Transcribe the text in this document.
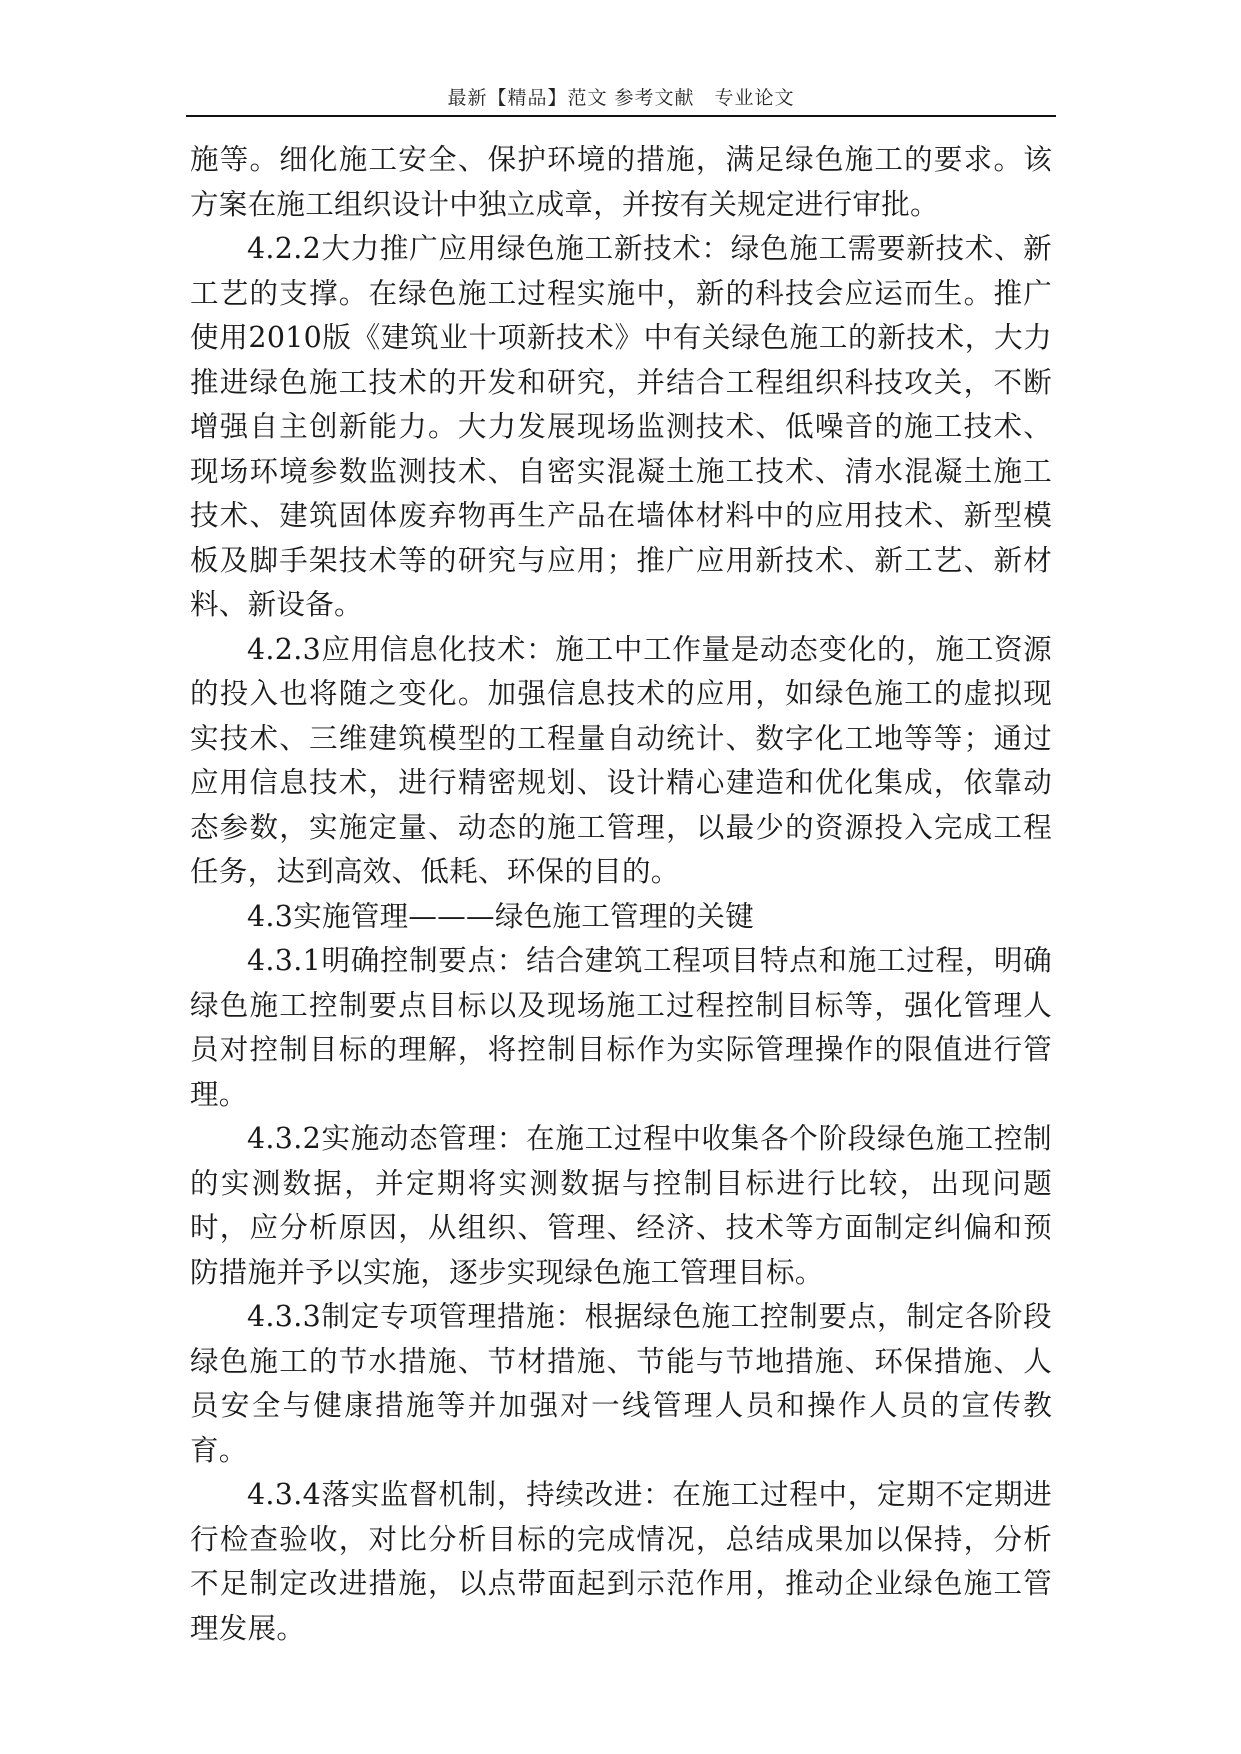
最新【精品】范文 参考文献　专业论文

施等。细化施工安全、保护环境的措施，满足绿色施工的要求。该方案在施工组织设计中独立成章，并按有关规定进行审批。

4.2.2大力推广应用绿色施工新技术：绿色施工需要新技术、新工艺的支撑。在绿色施工过程实施中，新的科技会应运而生。推广使用2010版《建筑业十项新技术》中有关绿色施工的新技术，大力推进绿色施工技术的开发和研究，并结合工程组织科技攻关，不断增强自主创新能力。大力发展现场监测技术、低噪音的施工技术、现场环境参数监测技术、自密实混凝土施工技术、清水混凝土施工技术、建筑固体废弃物再生产品在墙体材料中的应用技术、新型模板及脚手架技术等的研究与应用；推广应用新技术、新工艺、新材料、新设备。

4.2.3应用信息化技术：施工中工作量是动态变化的，施工资源的投入也将随之变化。加强信息技术的应用，如绿色施工的虚拟现实技术、三维建筑模型的工程量自动统计、数字化工地等等；通过应用信息技术，进行精密规划、设计精心建造和优化集成，依靠动态参数，实施定量、动态的施工管理，以最少的资源投入完成工程任务，达到高效、低耗、环保的目的。

4.3实施管理———绿色施工管理的关键

4.3.1明确控制要点：结合建筑工程项目特点和施工过程，明确绿色施工控制要点目标以及现场施工过程控制目标等，强化管理人员对控制目标的理解，将控制目标作为实际管理操作的限值进行管理。

4.3.2实施动态管理：在施工过程中收集各个阶段绿色施工控制的实测数据，并定期将实测数据与控制目标进行比较，出现问题时，应分析原因，从组织、管理、经济、技术等方面制定纠偏和预防措施并予以实施，逐步实现绿色施工管理目标。

4.3.3制定专项管理措施：根据绿色施工控制要点，制定各阶段绿色施工的节水措施、节材措施、节能与节地措施、环保措施、人员安全与健康措施等并加强对一线管理人员和操作人员的宣传教育。

4.3.4落实监督机制，持续改进：在施工过程中，定期不定期进行检查验收，对比分析目标的完成情况，总结成果加以保持，分析不足制定改进措施，以点带面起到示范作用，推动企业绿色施工管理发展。
